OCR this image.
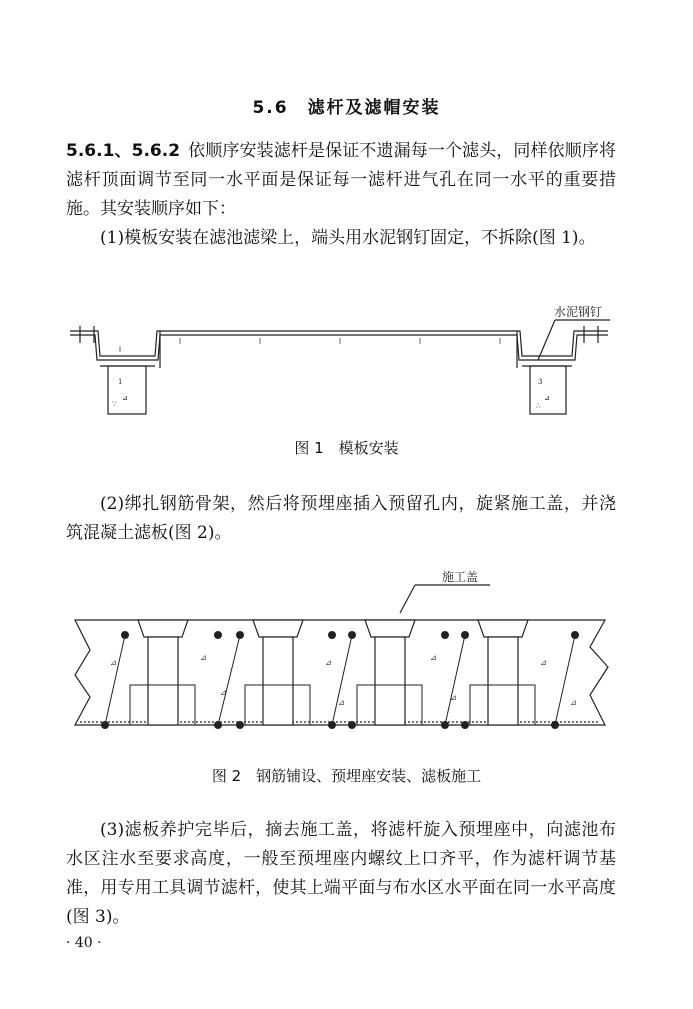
5.6　 滤杆及滤帽安装
5.6.1、5.6.2 依顺序安装滤杆是保证不遗漏每一个滤头，同样依顺序将滤杆顶面调节至同一水平面是保证每一滤杆进气孔在同一水平的重要措施。其安装顺序如下：
(1)模板安装在滤池滤梁上，端头用水泥钢钉固定，不拆除(图 1)。
1
⊿
∵
3
⊿
∴
水泥钢钉
图 1　模板安装
(2)绑扎钢筋骨架，然后将预埋座插入预留孔内，旋紧施工盖，并浇筑混凝土滤板(图 2)。
⊿
⊿
⊿
⊿
⊿
⊿
⊿
⊿
⊿
施工盖
图 2　钢筋铺设、预埋座安装、滤板施工
(3)滤板养护完毕后，摘去施工盖，将滤杆旋入预埋座中，向滤池布水区注水至要求高度，一般至预埋座内螺纹上口齐平，作为滤杆调节基准，用专用工具调节滤杆，使其上端平面与布水区水平面在同一水平高度(图 3)。
· 40 ·
